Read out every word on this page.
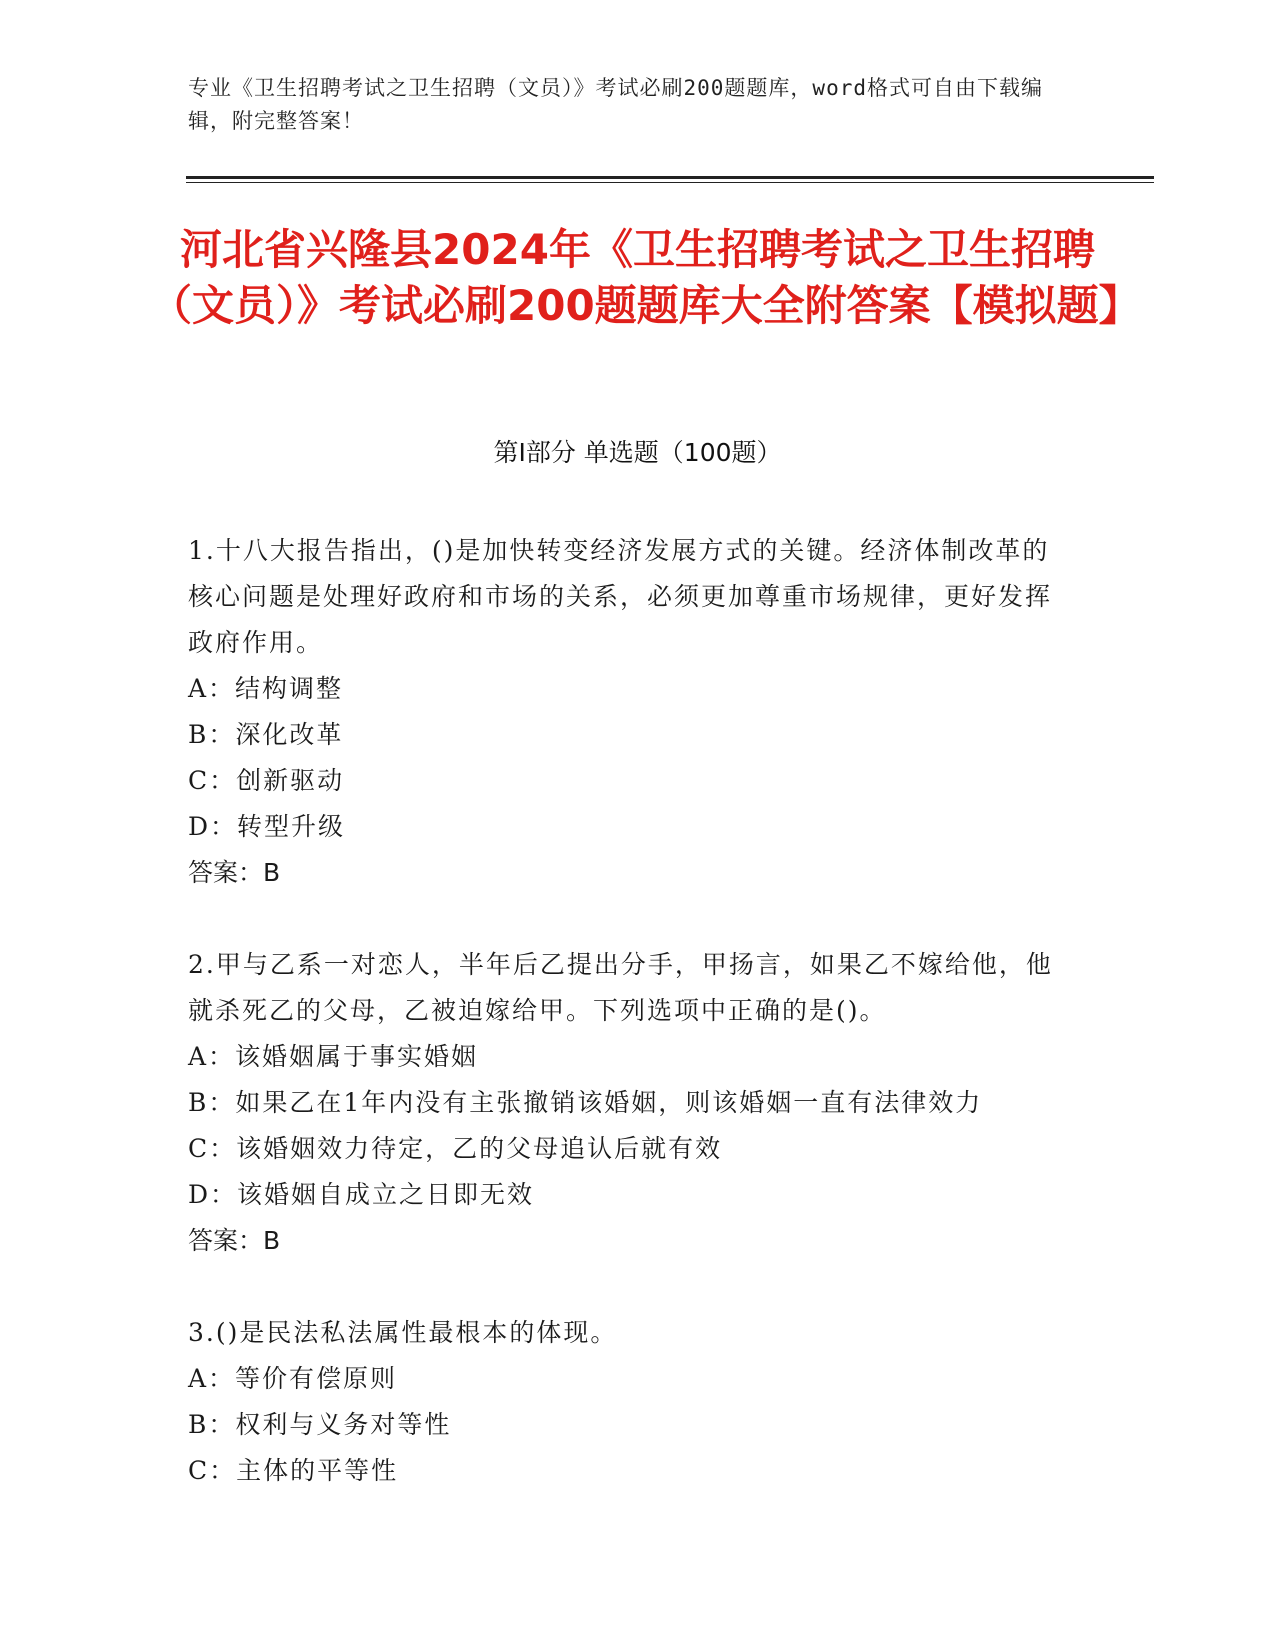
专业《卫生招聘考试之卫生招聘（文员）》考试必刷200题题库，word格式可自由下载编辑，附完整答案！
河北省兴隆县2024年《卫生招聘考试之卫生招聘（文员）》考试必刷200题题库大全附答案【模拟题】
第Ⅰ部分 单选题（100题）
1.十八大报告指出，()是加快转变经济发展方式的关键。经济体制改革的核心问题是处理好政府和市场的关系，必须更加尊重市场规律，更好发挥政府作用。
A：结构调整
B：深化改革
C：创新驱动
D：转型升级
答案：B
2.甲与乙系一对恋人，半年后乙提出分手，甲扬言，如果乙不嫁给他，他就杀死乙的父母，乙被迫嫁给甲。下列选项中正确的是()。
A：该婚姻属于事实婚姻
B：如果乙在1年内没有主张撤销该婚姻，则该婚姻一直有法律效力
C：该婚姻效力待定，乙的父母追认后就有效
D：该婚姻自成立之日即无效
答案：B
3.()是民法私法属性最根本的体现。
A：等价有偿原则
B：权利与义务对等性
C：主体的平等性
